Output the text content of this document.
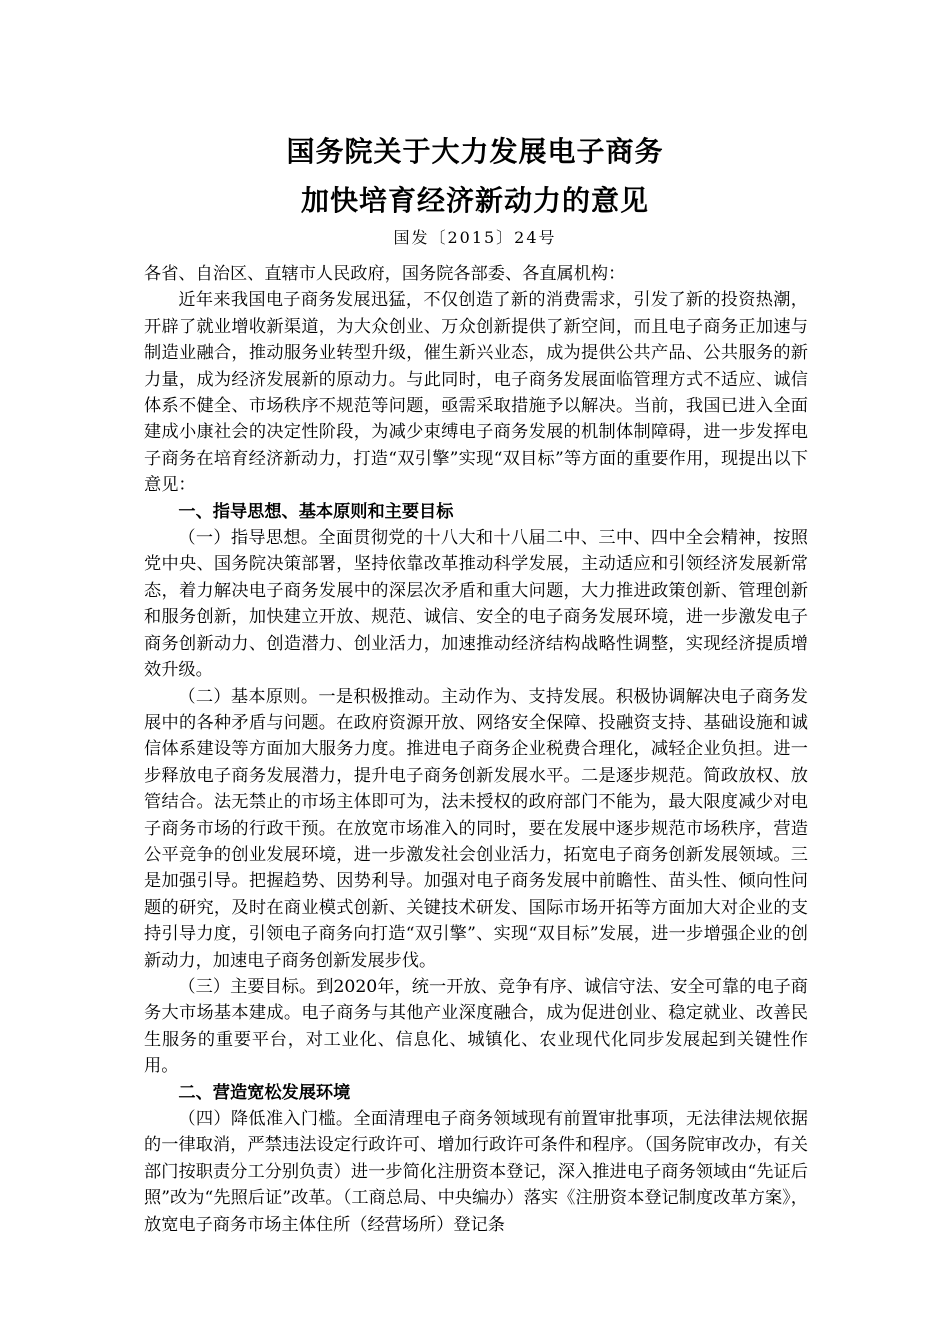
国务院关于大力发展电子商务
加快培育经济新动力的意见
国发〔2015〕24号

各省、自治区、直辖市人民政府，国务院各部委、各直属机构：

近年来我国电子商务发展迅猛，不仅创造了新的消费需求，引发了新的投资热潮，开辟了就业增收新渠道，为大众创业、万众创新提供了新空间，而且电子商务正加速与制造业融合，推动服务业转型升级，催生新兴业态，成为提供公共产品、公共服务的新力量，成为经济发展新的原动力。与此同时，电子商务发展面临管理方式不适应、诚信体系不健全、市场秩序不规范等问题，亟需采取措施予以解决。当前，我国已进入全面建成小康社会的决定性阶段，为减少束缚电子商务发展的机制体制障碍，进一步发挥电子商务在培育经济新动力，打造“双引擎”实现“双目标”等方面的重要作用，现提出以下意见：

一、指导思想、基本原则和主要目标

（一）指导思想。全面贯彻党的十八大和十八届二中、三中、四中全会精神，按照党中央、国务院决策部署，坚持依靠改革推动科学发展，主动适应和引领经济发展新常态，着力解决电子商务发展中的深层次矛盾和重大问题，大力推进政策创新、管理创新和服务创新，加快建立开放、规范、诚信、安全的电子商务发展环境，进一步激发电子商务创新动力、创造潜力、创业活力，加速推动经济结构战略性调整，实现经济提质增效升级。

（二）基本原则。一是积极推动。主动作为、支持发展。积极协调解决电子商务发展中的各种矛盾与问题。在政府资源开放、网络安全保障、投融资支持、基础设施和诚信体系建设等方面加大服务力度。推进电子商务企业税费合理化，减轻企业负担。进一步释放电子商务发展潜力，提升电子商务创新发展水平。二是逐步规范。简政放权、放管结合。法无禁止的市场主体即可为，法未授权的政府部门不能为，最大限度减少对电子商务市场的行政干预。在放宽市场准入的同时，要在发展中逐步规范市场秩序，营造公平竞争的创业发展环境，进一步激发社会创业活力，拓宽电子商务创新发展领域。三是加强引导。把握趋势、因势利导。加强对电子商务发展中前瞻性、苗头性、倾向性问题的研究，及时在商业模式创新、关键技术研发、国际市场开拓等方面加大对企业的支持引导力度，引领电子商务向打造“双引擎”、实现“双目标”发展，进一步增强企业的创新动力，加速电子商务创新发展步伐。

（三）主要目标。到2020年，统一开放、竞争有序、诚信守法、安全可靠的电子商务大市场基本建成。电子商务与其他产业深度融合，成为促进创业、稳定就业、改善民生服务的重要平台，对工业化、信息化、城镇化、农业现代化同步发展起到关键性作用。

二、营造宽松发展环境

（四）降低准入门槛。全面清理电子商务领域现有前置审批事项，无法律法规依据的一律取消，严禁违法设定行政许可、增加行政许可条件和程序。（国务院审改办，有关部门按职责分工分别负责）进一步简化注册资本登记，深入推进电子商务领域由“先证后照”改为“先照后证”改革。（工商总局、中央编办）落实《注册资本登记制度改革方案》，放宽电子商务市场主体住所（经营场所）登记条
